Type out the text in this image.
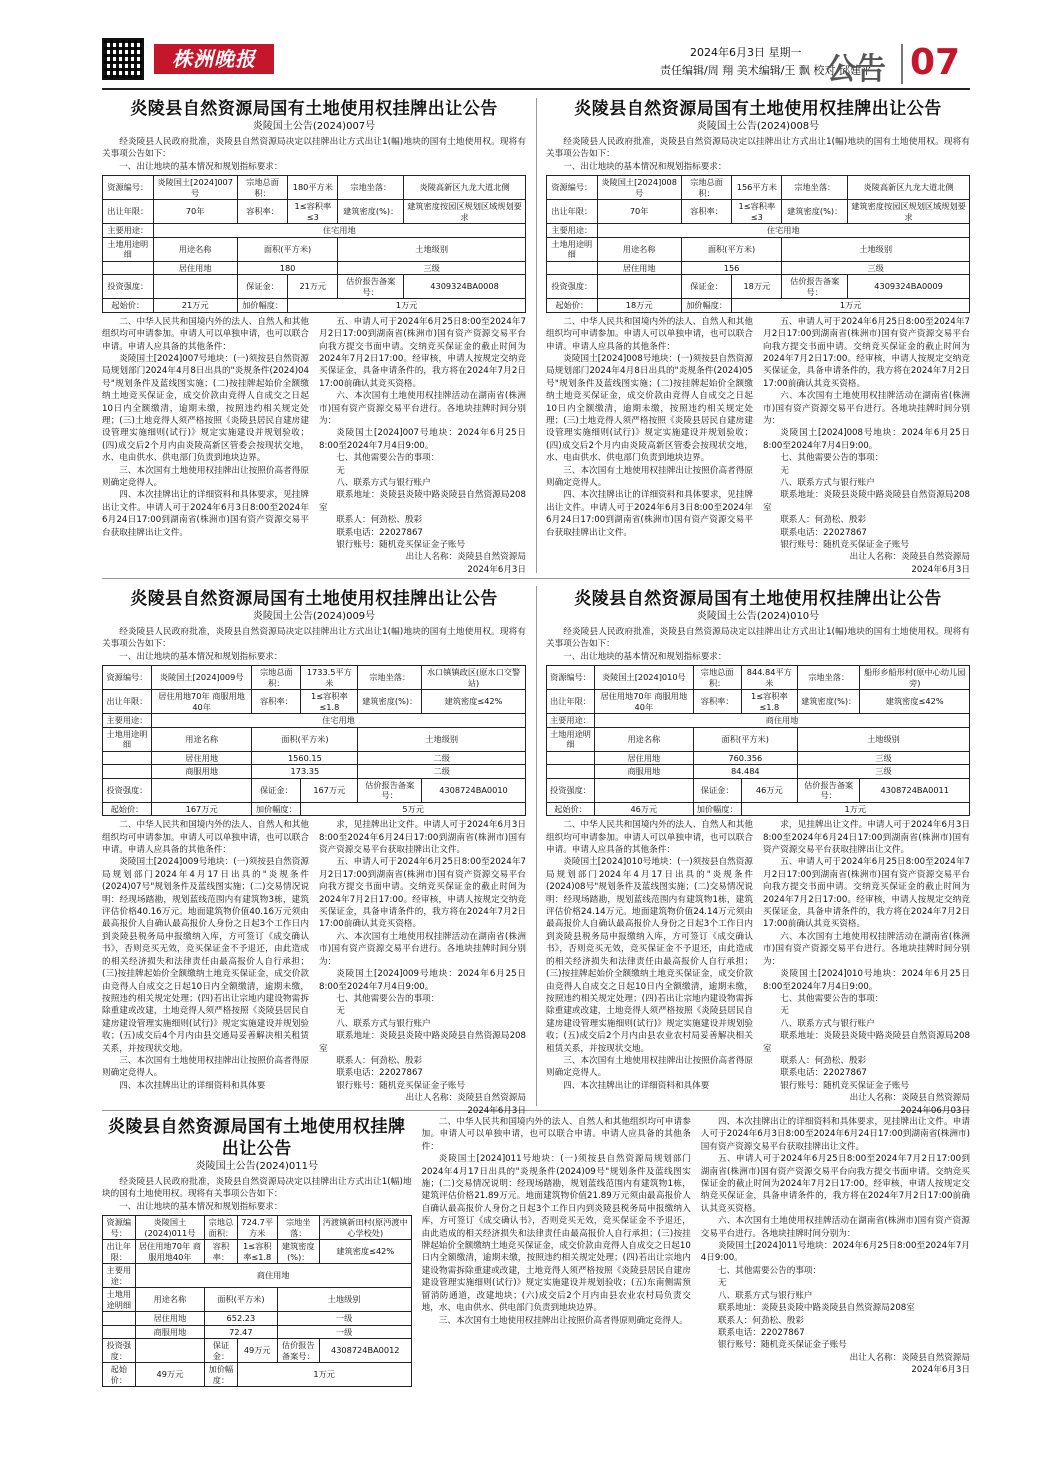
株洲晚报	2024年6月3日 星期一
责任编辑/周 翔 美术编辑/王 飘 校对/邱建平
公告 07
炎陵县自然资源局国有土地使用权挂牌出让公告
炎陵国土公告(2024)007号

经炎陵县人民政府批准，炎陵县自然资源局决定以挂牌出让方式出让1(幅)地块的国有土地使用权。现将有关事项公告如下：

一、出让地块的基本情况和规划指标要求：

资源编号：	炎陵国土[2024]007号	宗地总面积：	180平方米	宗地坐落：	炎陵高新区九龙大道北侧
出让年限：	70年	容积率：	1≤容积率≤3	建筑密度(%)：	建筑密度按园区规划区域规划要求
主要用途：	住宅用地				
土地用途明细	用途名称	面积(平方米)		土地级别	
	居住用地	180		三级	
投资强度：		保证金：	21万元	估价报告备案号：	4309324BA0008
起始价：	21万元	加价幅度：	1万元		

二、中华人民共和国境内外的法人、自然人和其他组织均可申请参加。申请人可以单独申请，也可以联合申请。申请人应具备的其他条件：

炎陵国土[2024]007号地块：(一)须按县自然资源局规划部门2024年4月8日出具的"炎规条件(2024)04号"规划条件及蓝线图实施；(二)按挂牌起始价全额缴纳土地竞买保证金，成交价款由竞得人自成交之日起10日内全额缴清，逾期未缴，按照违约相关规定处理；(三)土地竞得人须严格按照《炎陵县居民自建房建设管理实施细则(试行)》规定实施建设并规划验收；(四)成交后2个月内由炎陵高新区管委会按现状交地，水、电由供水、供电部门负责到地块边界。

三、本次国有土地使用权挂牌出让按照价高者得原则确定竞得人。

四、本次挂牌出让的详细资料和具体要求，见挂牌出让文件。申请人可于2024年6月3日8:00至2024年6月24日17:00到湖南省(株洲市)国有资产资源交易平台获取挂牌出让文件。

五、申请人可于2024年6月25日8:00至2024年7月2日17:00到湖南省(株洲市)国有资产资源交易平台向我方提交书面申请。交纳竞买保证金的截止时间为2024年7月2日17:00。经审核，申请人按规定交纳竞买保证金，具备申请条件的，我方将在2024年7月2日17:00前确认其竞买资格。

六、本次国有土地使用权挂牌活动在湖南省(株洲市)国有资产资源交易平台进行。各地块挂牌时间分别为：

炎陵国土[2024]007号地块：2024年6月25日8:00至2024年7月4日9:00。

七、其他需要公告的事项：

无

八、联系方式与银行账户

联系地址：炎陵县炎陵中路炎陵县自然资源局208室

联系人：何劲松、殷彩

联系电话：22027867

银行账号：随机竞买保证金子账号

出让人名称：炎陵县自然资源局

2024年6月3日

炎陵县自然资源局国有土地使用权挂牌出让公告
炎陵国土公告(2024)008号

经炎陵县人民政府批准，炎陵县自然资源局决定以挂牌出让方式出让1(幅)地块的国有土地使用权。现将有关事项公告如下：

一、出让地块的基本情况和规划指标要求：

资源编号：	炎陵国土[2024]008号	宗地总面积：	156平方米	宗地坐落：	炎陵高新区九龙大道北侧
出让年限：	70年	容积率：	1≤容积率≤3	建筑密度(%)：	建筑密度按园区规划区域规划要求
主要用途：	住宅用地				
土地用途明细	用途名称	面积(平方米)		土地级别	
	居住用地	156		三级	
投资强度：		保证金：	18万元	估价报告备案号：	4309324BA0009
起始价：	18万元	加价幅度：	1万元		

二、中华人民共和国境内外的法人、自然人和其他组织均可申请参加。申请人可以单独申请，也可以联合申请。申请人应具备的其他条件：

炎陵国土[2024]008号地块：(一)须按县自然资源局规划部门2024年4月8日出具的"炎规条件(2024)05号"规划条件及蓝线图实施；(二)按挂牌起始价全额缴纳土地竞买保证金，成交价款由竞得人自成交之日起10日内全额缴清，逾期未缴，按照违约相关规定处理；(三)土地竞得人须严格按照《炎陵县居民自建房建设管理实施细则(试行)》规定实施建设并规划验收；(四)成交后2个月内由炎陵高新区管委会按现状交地，水、电由供水、供电部门负责到地块边界。

三、本次国有土地使用权挂牌出让按照价高者得原则确定竞得人。

四、本次挂牌出让的详细资料和具体要求，见挂牌出让文件。申请人可于2024年6月3日8:00至2024年6月24日17:00到湖南省(株洲市)国有资产资源交易平台获取挂牌出让文件。

五、申请人可于2024年6月25日8:00至2024年7月2日17:00到湖南省(株洲市)国有资产资源交易平台向我方提交书面申请。交纳竞买保证金的截止时间为2024年7月2日17:00。经审核，申请人按规定交纳竞买保证金，具备申请条件的，我方将在2024年7月2日17:00前确认其竞买资格。

六、本次国有土地使用权挂牌活动在湖南省(株洲市)国有资产资源交易平台进行。各地块挂牌时间分别为：

炎陵国土[2024]008号地块：2024年6月25日8:00至2024年7月4日9:00。

七、其他需要公告的事项：

无

八、联系方式与银行账户

联系地址：炎陵县炎陵中路炎陵县自然资源局208室

联系人：何劲松、殷彩

联系电话：22027867

银行账号：随机竞买保证金子账号

出让人名称：炎陵县自然资源局

2024年6月3日

炎陵县自然资源局国有土地使用权挂牌出让公告
炎陵国土公告(2024)009号

经炎陵县人民政府批准，炎陵县自然资源局决定以挂牌出让方式出让1(幅)地块的国有土地使用权。现将有关事项公告如下：

一、出让地块的基本情况和规划指标要求：

资源编号：	炎陵国土[2024]009号	宗地总面积：	1733.5平方米	宗地坐落：	水口镇镇政区(原水口交警站)
出让年限：	居住用地70年 商服用地40年	容积率：	1≤容积率≤1.8	建筑密度(%)：	建筑密度≤42%
主要用途：	住宅用地				
土地用途明细	用途名称	面积(平方米)		土地级别	
	居住用地	1560.15		二级	
	商服用地	173.35		二级	
投资强度：		保证金：	167万元	估价报告备案号：	4308724BA0010
起始价：	167万元	加价幅度：	5万元		

二、中华人民共和国境内外的法人、自然人和其他组织均可申请参加。申请人可以单独申请，也可以联合申请。申请人应具备的其他条件：

炎陵国土[2024]009号地块：(一)须按县自然资源局规划部门2024年4月17日出具的"炎规条件(2024)07号"规划条件及蓝线图实施；(二)交易情况说明：经现场踏勘，规划蓝线范围内有建筑物3栋，建筑评估价格40.16万元。地面建筑物价值40.16万元须由最高报价人自确认最高报价人身份之日起3个工作日内到炎陵县税务局申报缴纳入库，方可签订《成交确认书》，否则竞买无效，竞买保证金不予退还，由此造成的相关经济损失和法律责任由最高报价人自行承担；(三)按挂牌起始价全额缴纳土地竞买保证金，成交价款由竞得人自成交之日起10日内全额缴清，逾期未缴，按照违约相关规定处理；(四)若出让宗地内建设物需拆除重建或改建，土地竞得人须严格按照《炎陵县居民自建房建设管理实施细则(试行)》规定实施建设并规划验收；(五)成交后4个月内由县交通局妥善解决相关租赁关系，并按现状交地。

三、本次国有土地使用权挂牌出让按照价高者得原则确定竞得人。

四、本次挂牌出让的详细资料和具体要

求，见挂牌出让文件。申请人可于2024年6月3日8:00至2024年6月24日17:00到湖南省(株洲市)国有资产资源交易平台获取挂牌出让文件。

五、申请人可于2024年6月25日8:00至2024年7月2日17:00到湖南省(株洲市)国有资产资源交易平台向我方提交书面申请。交纳竞买保证金的截止时间为2024年7月2日17:00。经审核，申请人按规定交纳竞买保证金，具备申请条件的，我方将在2024年7月2日17:00前确认其竞买资格。

六、本次国有土地使用权挂牌活动在湖南省(株洲市)国有资产资源交易平台进行。各地块挂牌时间分别为：

炎陵国土[2024]009号地块：2024年6月25日8:00至2024年7月4日9:00。

七、其他需要公告的事项：

无

八、联系方式与银行账户

联系地址：炎陵县炎陵中路炎陵县自然资源局208室

联系人：何劲松、殷彩

联系电话：22027867

银行账号：随机竞买保证金子账号

出让人名称：炎陵县自然资源局

2024年6月3日

炎陵县自然资源局国有土地使用权挂牌出让公告
炎陵国土公告(2024)010号

经炎陵县人民政府批准，炎陵县自然资源局决定以挂牌出让方式出让1(幅)地块的国有土地使用权。现将有关事项公告如下：

一、出让地块的基本情况和规划指标要求：

资源编号：	炎陵国土[2024]010号	宗地总面积：	844.84平方米	宗地坐落：	船形乡船形村(原中心幼儿园旁)
出让年限：	居住用地70年 商服用地40年	容积率：	1≤容积率≤1.8	建筑密度(%)：	建筑密度≤42%
主要用途：	商住用地				
土地用途明细	用途名称	面积(平方米)		土地级别	
	居住用地	760.356		三级	
	商服用地	84.484		三级	
投资强度：		保证金：	46万元	估价报告备案号：	4308724BA0011
起始价：	46万元	加价幅度：	1万元		

二、中华人民共和国境内外的法人、自然人和其他组织均可申请参加。申请人可以单独申请，也可以联合申请。申请人应具备的其他条件：

炎陵国土[2024]010号地块：(一)须按县自然资源局规划部门2024年4月17日出具的"炎规条件(2024)08号"规划条件及蓝线图实施；(二)交易情况说明：经现场踏勘，规划蓝线范围内有建筑物1栋，建筑评估价格24.14万元。地面建筑物价值24.14万元须由最高报价人自确认最高报价人身份之日起3个工作日内到炎陵县税务局申报缴纳入库，方可签订《成交确认书》，否则竞买无效，竞买保证金不予退还，由此造成的相关经济损失和法律责任由最高报价人自行承担；(三)按挂牌起始价全额缴纳土地竞买保证金，成交价款由竞得人自成交之日起10日内全额缴清，逾期未缴，按照违约相关规定处理；(四)若出让宗地内建设物需拆除重建或改建，土地竞得人须严格按照《炎陵县居民自建房建设管理实施细则(试行)》规定实施建设并规划验收；(五)成交后2个月内由县农业农村局妥善解决相关租赁关系，并按现状交地。

三、本次国有土地使用权挂牌出让按照价高者得原则确定竞得人。

四、本次挂牌出让的详细资料和具体要

求，见挂牌出让文件。申请人可于2024年6月3日8:00至2024年6月24日17:00到湖南省(株洲市)国有资产资源交易平台获取挂牌出让文件。

五、申请人可于2024年6月25日8:00至2024年7月2日17:00到湖南省(株洲市)国有资产资源交易平台向我方提交书面申请。交纳竞买保证金的截止时间为2024年7月2日17:00。经审核，申请人按规定交纳竞买保证金，具备申请条件的，我方将在2024年7月2日17:00前确认其竞买资格。

六、本次国有土地使用权挂牌活动在湖南省(株洲市)国有资产资源交易平台进行。各地块挂牌时间分别为：

炎陵国土[2024]010号地块：2024年6月25日8:00至2024年7月4日9:00。

七、其他需要公告的事项：

无

八、联系方式与银行账户

联系地址：炎陵县炎陵中路炎陵县自然资源局208室

联系人：何劲松、殷彩

联系电话：22027867

银行账号：随机竞买保证金子账号

出让人名称：炎陵县自然资源局

2024年06月03日

炎陵县自然资源局国有土地使用权挂牌出让公告
炎陵国土公告(2024)011号

经炎陵县人民政府批准，炎陵县自然资源局决定以挂牌出让方式出让1(幅)地块的国有土地使用权。现将有关事项公告如下：

一、出让地块的基本情况和规划指标要求：

资源编号：	炎陵国土(2024)011号	宗地总面积：	724.7平方米	宗地坐落：	沔渡镇新田村(原沔渡中心学校处)
出让年限：	居住用地70年 商服用地40年	容积率：	1≤容积率≤1.8	建筑密度(%)：	建筑密度≤42%
主要用途：	商住用地				
土地用途明细	用途名称	面积(平方米)		土地级别	
	居住用地	652.23		一级	
	商服用地	72.47		一级	
投资强度：		保证金：	49万元	估价报告备案号：	4308724BA0012
起始价：	49万元	加价幅度：	1万元		

二、中华人民共和国境内外的法人、自然人和其他组织均可申请参加。申请人可以单独申请，也可以联合申请。申请人应具备的其他条件：

炎陵国土[2024]011号地块：(一)须按县自然资源局规划部门2024年4月17日出具的"炎规条件(2024)09号"规划条件及蓝线图实施；(二)交易情况说明：经现场踏勘，规划蓝线范围内有建筑物1栋，建筑评估价格21.89万元。地面建筑物价值21.89万元须由最高报价人自确认最高报价人身份之日起3个工作日内到炎陵县税务局申报缴纳入库，方可签订《成交确认书》，否则竞买无效，竞买保证金不予退还，由此造成的相关经济损失和法律责任由最高报价人自行承担；(三)按挂牌起始价全额缴纳土地竞买保证金，成交价款由竞得人自成交之日起10日内全额缴清，逾期未缴，按照违约相关规定处理；(四)若出让宗地内建设物需拆除重建或改建，土地竞得人须严格按照《炎陵县居民自建房建设管理实施细则(试行)》规定实施建设并规划验收；(五)东南侧需预留消防通道，改建地块；(六)成交后2个月内由县农业农村局负责交地，水、电由供水、供电部门负责到地块边界。

三、本次国有土地使用权挂牌出让按照价高者得原则确定竞得人。

四、本次挂牌出让的详细资料和具体要求，见挂牌出让文件。申请人可于2024年6月3日8:00至2024年6月24日17:00到湖南省(株洲市)国有资产资源交易平台获取挂牌出让文件。

五、申请人可于2024年6月25日8:00至2024年7月2日17:00到湖南省(株洲市)国有资产资源交易平台向我方提交书面申请。交纳竞买保证金的截止时间为2024年7月2日17:00。经审核，申请人按规定交纳竞买保证金，具备申请条件的，我方将在2024年7月2日17:00前确认其竞买资格。

六、本次国有土地使用权挂牌活动在湖南省(株洲市)国有资产资源交易平台进行。各地块挂牌时间分别为：

炎陵国土[2024]011号地块：2024年6月25日8:00至2024年7月4日9:00。

七、其他需要公告的事项：

无

八、联系方式与银行账户

联系地址：炎陵县炎陵中路炎陵县自然资源局208室

联系人：何劲松、殷彩

联系电话：22027867

银行账号：随机竞买保证金子账号

出让人名称：炎陵县自然资源局

2024年6月3日
